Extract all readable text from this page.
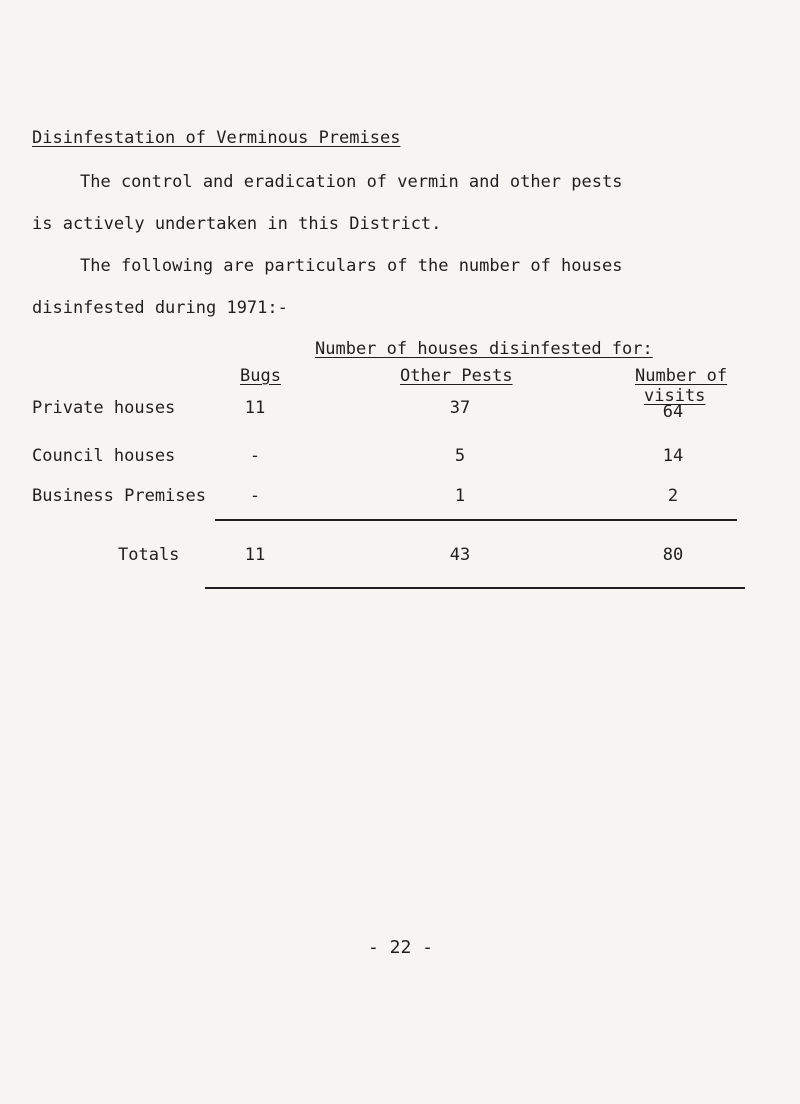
Disinfestation of Verminous Premises
The control and eradication of vermin and other pests
is actively undertaken in this District.
The following are particulars of the number of houses
disinfested during 1971:-
Number of houses disinfested for:
Bugs	Other Pests	Number of
visits
Private houses	11	37	64
Council houses	-	5	14
Business Premises	-	1	2
Totals	11	43	80
- 22 -
